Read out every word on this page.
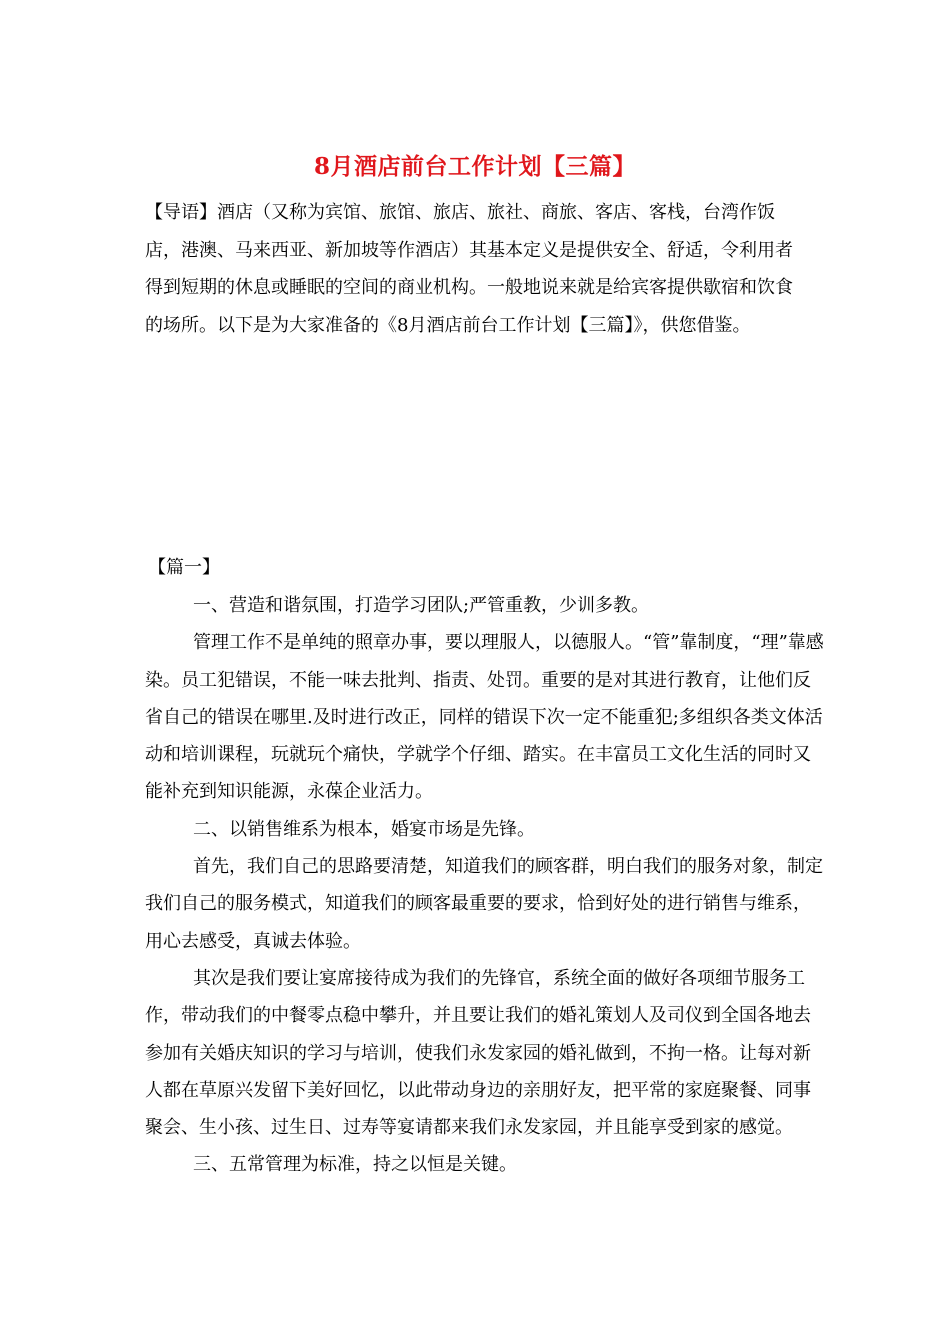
8月酒店前台工作计划【三篇】

【导语】酒店（又称为宾馆、旅馆、旅店、旅社、商旅、客店、客栈，台湾作饭店，港澳、马来西亚、新加坡等作酒店）其基本定义是提供安全、舒适，令利用者得到短期的休息或睡眠的空间的商业机构。一般地说来就是给宾客提供歇宿和饮食的场所。以下是为大家准备的《8月酒店前台工作计划【三篇】》，供您借鉴。

【篇一】

一、营造和谐氛围，打造学习团队;严管重教，少训多教。

管理工作不是单纯的照章办事，要以理服人，以德服人。“管”靠制度，“理”靠感染。员工犯错误，不能一味去批判、指责、处罚。重要的是对其进行教育，让他们反省自己的错误在哪里.及时进行改正，同样的错误下次一定不能重犯;多组织各类文体活动和培训课程，玩就玩个痛快，学就学个仔细、踏实。在丰富员工文化生活的同时又能补充到知识能源，永葆企业活力。

二、以销售维系为根本，婚宴市场是先锋。

首先，我们自己的思路要清楚，知道我们的顾客群，明白我们的服务对象，制定我们自己的服务模式，知道我们的顾客最重要的要求，恰到好处的进行销售与维系，用心去感受，真诚去体验。

其次是我们要让宴席接待成为我们的先锋官，系统全面的做好各项细节服务工作，带动我们的中餐零点稳中攀升，并且要让我们的婚礼策划人及司仪到全国各地去参加有关婚庆知识的学习与培训，使我们永发家园的婚礼做到，不拘一格。让每对新人都在草原兴发留下美好回忆，以此带动身边的亲朋好友，把平常的家庭聚餐、同事聚会、生小孩、过生日、过寿等宴请都来我们永发家园，并且能享受到家的感觉。

三、五常管理为标准，持之以恒是关键。
